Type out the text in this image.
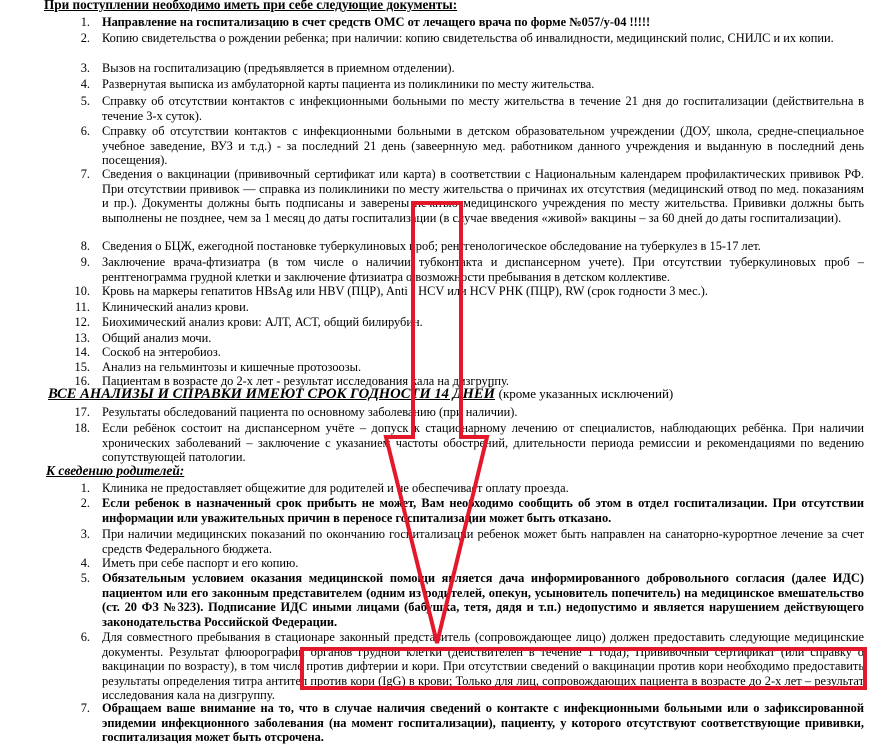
При поступлении необходимо иметь при себе следующие документы:
1. Направление на госпитализацию в счет средств ОМС от лечащего врача по форме №057/у-04 !!!!!
2. Копию свидетельства о рождении ребенка; при наличии: копию свидетельства об инвалидности, медицинский полис, СНИЛС и их копии.
3. Вызов на госпитализацию (предъявляется в приемном отделении).
4. Развернутая выписка из амбулаторной карты пациента из поликлиники по месту жительства.
5. Справку об отсутствии контактов с инфекционными больными по месту жительства в течение 21 дня до госпитализации (действительна в течение 3-х суток).
6. Справку об отсутствии контактов с инфекционными больными в детском образовательном учреждении (ДОУ, школа, средне-специальное учебное заведение, ВУЗ и т.д.) - за последний 21 день (завеернную мед. работником данного учреждения и выданную в последний день посещения).
7. Сведения о вакцинации (прививочный сертификат или карта) в соответствии с Национальным календарем профилактических прививок РФ. При отсутствии прививок — справка из поликлиники по месту жительства о причинах их отсутствия (медицинский отвод по мед. показаниям и пр.). Документы должны быть подписаны и заверены печатью медицинского учреждения по месту жительства. Прививки должны быть выполнены не позднее, чем за 1 месяц до даты госпитализации (в случае введения «живой» вакцины – за 60 дней до даты госпитализации).
8. Сведения о БЦЖ, ежегодной постановке туберкулиновых проб; рентгенологическое обследование на туберкулез в 15-17 лет.
9. Заключение врача-фтизиатра (в том числе о наличии тубконтакта и диспансерном учете). При отсутствии туберкулиновых проб – рентгенограмма грудной клетки и заключение фтизиатра о возможности пребывания в детском коллективе.
10. Кровь на маркеры гепатитов HBsAg или HBV (ПЦР), Anti - HCV или HCV РНК (ПЦР), RW (срок годности 3 мес.).
11. Клинический анализ крови.
12. Биохимический анализ крови: АЛТ, АСТ, общий билирубин.
13. Общий анализ мочи.
14. Соскоб на энтеробиоз.
15. Анализ на гельминтозы и кишечные протозоозы.
16. Пациентам в возрасте до 2-х лет - результат исследования кала на дизгруппу.
ВСЕ АНАЛИЗЫ И СПРАВКИ ИМЕЮТ СРОК ГОДНОСТИ 14 ДНЕЙ (кроме указанных исключений)
17. Результаты обследований пациента по основному заболеванию (при наличии).
18. Если ребёнок состоит на диспансерном учёте – допуск к стационарному лечению от специалистов, наблюдающих ребёнка. При наличии хронических заболеваний – заключение с указанием частоты обострений, длительности периода ремиссии и рекомендациями по ведению сопутствующей патологии.
К сведению родителей:
1. Клиника не предоставляет общежитие для родителей и не обеспечивает оплату проезда.
2. Если ребенок в назначенный срок прибыть не может, Вам необходимо сообщить об этом в отдел госпитализации. При отсутствии информации или уважительных причин в переносе госпитализации может быть отказано.
3. При наличии медицинских показаний по окончанию госпитализации ребенок может быть направлен на санаторно-курортное лечение за счет средств Федерального бюджета.
4. Иметь при себе паспорт и его копию.
5. Обязательным условием оказания медицинской помощи является дача информированного добровольного согласия (далее ИДС) пациентом или его законным представителем (одним из родителей, опекун, усыновитель попечитель) на медицинское вмешательство (ст. 20 ФЗ №323). Подписание ИДС иными лицами (бабушка, тетя, дядя и т.п.) недопустимо и является нарушением действующего законодательства Российской Федерации.
6. Для совместного пребывания в стационаре законный представитель (сопровождающее лицо) должен предоставить следующие медицинские документы. Результат флюорографии органов грудной клетки (действителен в течение 1 года); Прививочный сертификат (или справку о вакцинации по возрасту), в том числе против дифтерии и кори. При отсутствии сведений о вакцинации против кори необходимо предоставить результаты определения титра антител против кори (IgG) в крови; Только для лиц, сопровождающих пациента в возрасте до 2-х лет – результат исследования кала на дизгруппу.
7. Обращаем ваше внимание на то, что в случае наличия сведений о контакте с инфекционными больными или о зафиксированной эпидемии инфекционного заболевания (на момент госпитализации), пациенту, у которого отсутствуют соответствующие прививки, госпитализация может быть отсрочена.
